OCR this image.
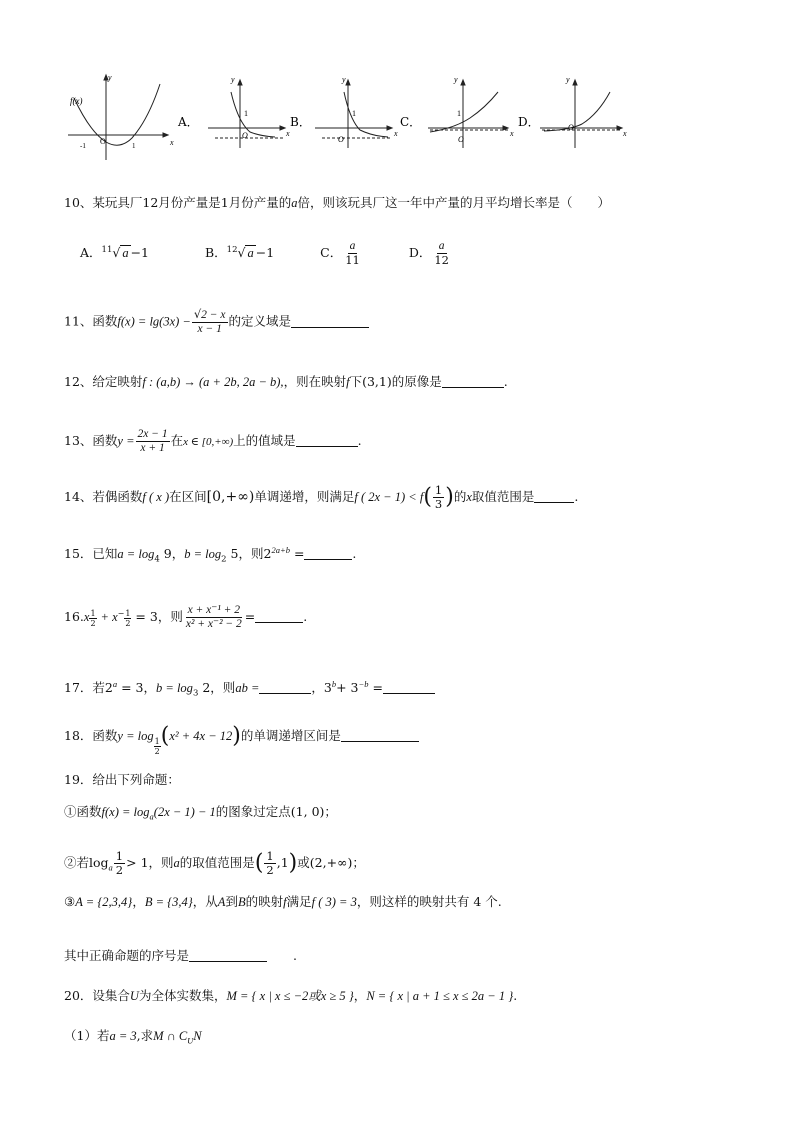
f(x)
y
x
O
-1	1
A．
y
x
1
O
B．
y
x
1
O
C．
y
x
1
O
D．
y
x
O
10、某玩具厂12月份产量是1月份产量的a倍，则该玩具厂这一年中产量的月平均增长率是（　　）
A．$^{11}$√ a −1	B．$^{12}$√ a −1	C． $\frac{a}{11}$	D． $\frac{a}{12}$
11、函数$f(x) = \lg(3x) - \frac{√2 - x}{x - 1}$ 的定义域是
12、给定映射f : (a,b) → (a + 2b, 2a − b),，则在映射f下(3,1)的原像是	.
13、函数$y = \frac{2x - 1}{x + 1}$ 在x ∈ [0,+∞)上的值域是	.
14、若偶函数f ( x )在区间[0,+∞)单调递增，则满足f ( $2x - 1) < f( \frac{1}{3}$ )的x取值范围是	.
15．已知$a = \log_4 9$，$b = \log_2 5$，则$2^{2a+b}$ =	.
$16.x \frac{1}{2} + x^- \frac{1}{2} = 3$，则 $\frac{\text{x + x⁻¹ + 2}}{\text{x² + x⁻² − 2}}$ =	.
17．若$2^a = 3$，$b = \log_3 2$，则ab =	，$3^b+ 3^{-b}$ =
18．函数y = log
$\frac{1}{2} (x^2 + 4x - 12)$的单调递增区间是
19．给出下列命题：
①函数$f(x) = \log_a(2x - 1) - 1$的图象过定点(1, 0)；
②若$\log_a \frac{1}{2} > 1$，则a的取值范围是( $\frac{1}{2} ,1$)或(2,+∞)；
③A = {2,3,4}，B = {3,4}，从A到B的映射f满足f ( 3) = 3，则这样的映射共有 4 个.
其中正确命题的序号是	.
20．设集合U为全体实数集，M = { x | x ≤ −2或x ≥ 5 }，N = { x | a + 1 ≤ x ≤ 2a − 1 }.
（1）若a = 3,求M ∩ $C_UN$
